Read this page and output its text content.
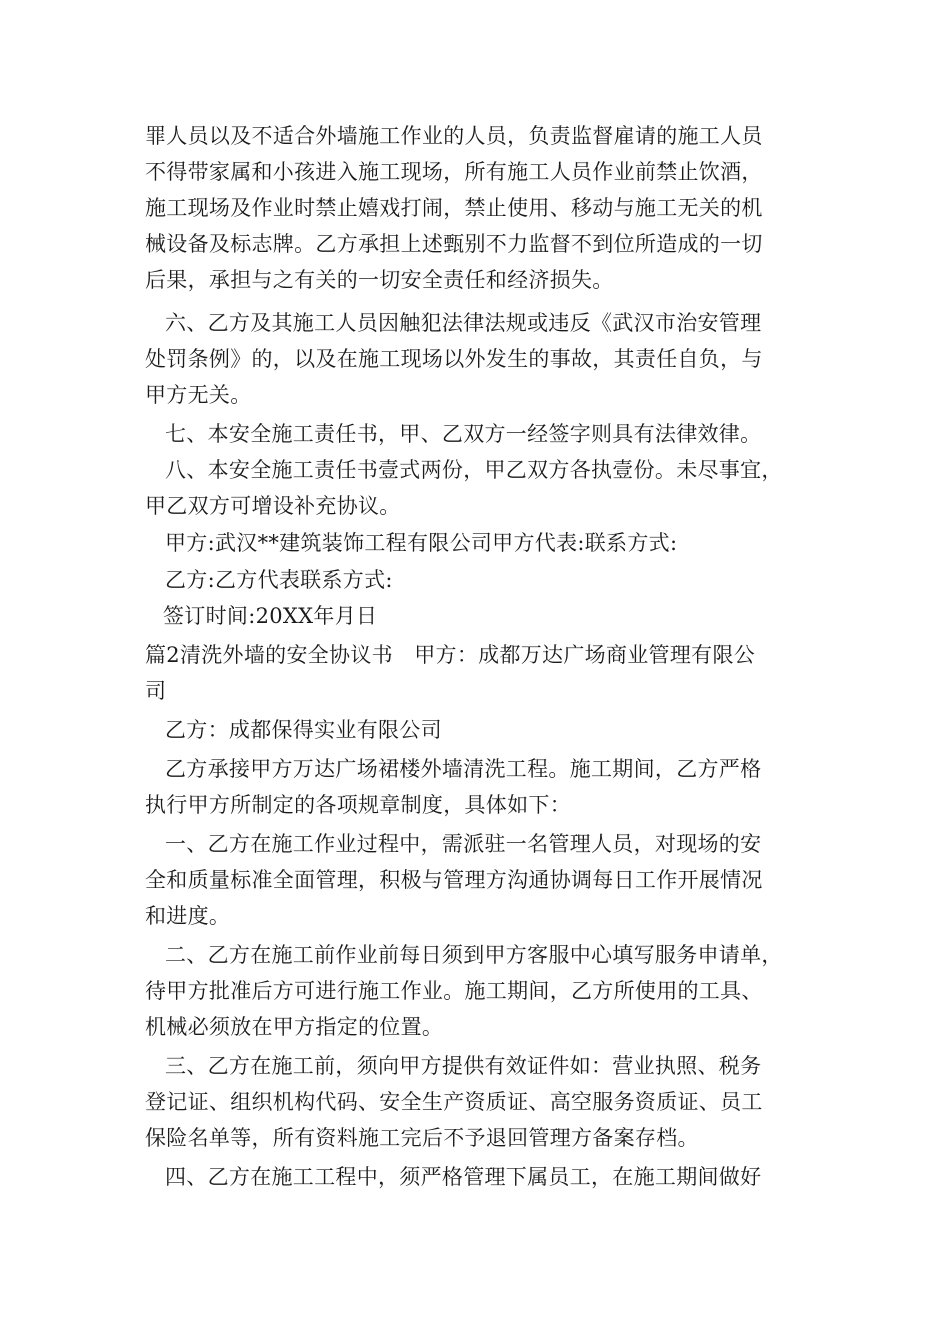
罪人员以及不适合外墙施工作业的人员，负责监督雇请的施工人员
不得带家属和小孩进入施工现场，所有施工人员作业前禁止饮酒，
施工现场及作业时禁止嬉戏打闹，禁止使用、移动与施工无关的机
械设备及标志牌。乙方承担上述甄别不力监督不到位所造成的一切
后果，承担与之有关的一切安全责任和经济损失。
六、乙方及其施工人员因触犯法律法规或违反《武汉市治安管理
处罚条例》的，以及在施工现场以外发生的事故，其责任自负，与
甲方无关。
七、本安全施工责任书，甲、乙双方一经签字则具有法律效律。
八、本安全施工责任书壹式两份，甲乙双方各执壹份。未尽事宜，
甲乙双方可增设补充协议。
甲方:武汉**建筑装饰工程有限公司甲方代表:联系方式:
乙方:乙方代表联系方式:
签订时间:20XX年月日
篇2清洗外墙的安全协议书　甲方：成都万达广场商业管理有限公
司
乙方：成都保得实业有限公司
乙方承接甲方万达广场裙楼外墙清洗工程。施工期间，乙方严格
执行甲方所制定的各项规章制度，具体如下：
一、乙方在施工作业过程中，需派驻一名管理人员，对现场的安
全和质量标准全面管理，积极与管理方沟通协调每日工作开展情况
和进度。
二、乙方在施工前作业前每日须到甲方客服中心填写服务申请单，
待甲方批准后方可进行施工作业。施工期间，乙方所使用的工具、
机械必须放在甲方指定的位置。
三、乙方在施工前，须向甲方提供有效证件如：营业执照、税务
登记证、组织机构代码、安全生产资质证、高空服务资质证、员工
保险名单等，所有资料施工完后不予退回管理方备案存档。
四、乙方在施工工程中，须严格管理下属员工，在施工期间做好
